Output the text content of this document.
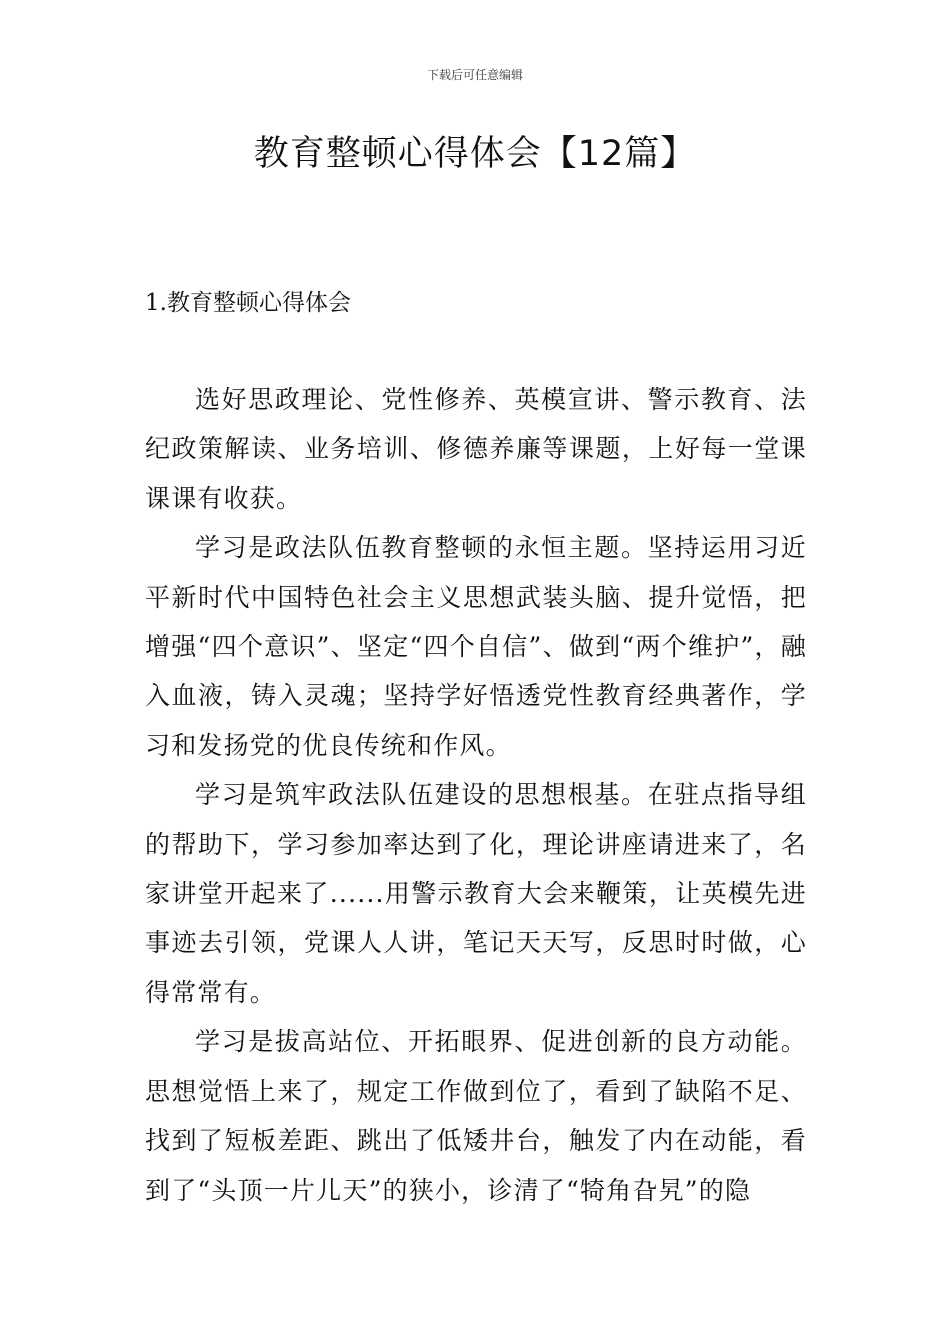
下载后可任意编辑
教育整顿心得体会【12篇】
1.教育整顿心得体会

选好思政理论、党性修养、英模宣讲、警示教育、法纪政策解读、业务培训、修德养廉等课题，上好每一堂课课课有收获。

学习是政法队伍教育整顿的永恒主题。坚持运用习近平新时代中国特色社会主义思想武装头脑、提升觉悟，把增强“四个意识”、坚定“四个自信”、做到“两个维护”，融入血液，铸入灵魂；坚持学好悟透党性教育经典著作，学习和发扬党的优良传统和作风。

学习是筑牢政法队伍建设的思想根基。在驻点指导组的帮助下，学习参加率达到了化，理论讲座请进来了，名家讲堂开起来了......用警示教育大会来鞭策，让英模先进事迹去引领，党课人人讲，笔记天天写，反思时时做，心得常常有。

学习是拔高站位、开拓眼界、促进创新的良方动能。思想觉悟上来了，规定工作做到位了，看到了缺陷不足、找到了短板差距、跳出了低矮井台，触发了内在动能，看到了“头顶一片儿天”的狭小，诊清了“犄角旮旯”的隐
